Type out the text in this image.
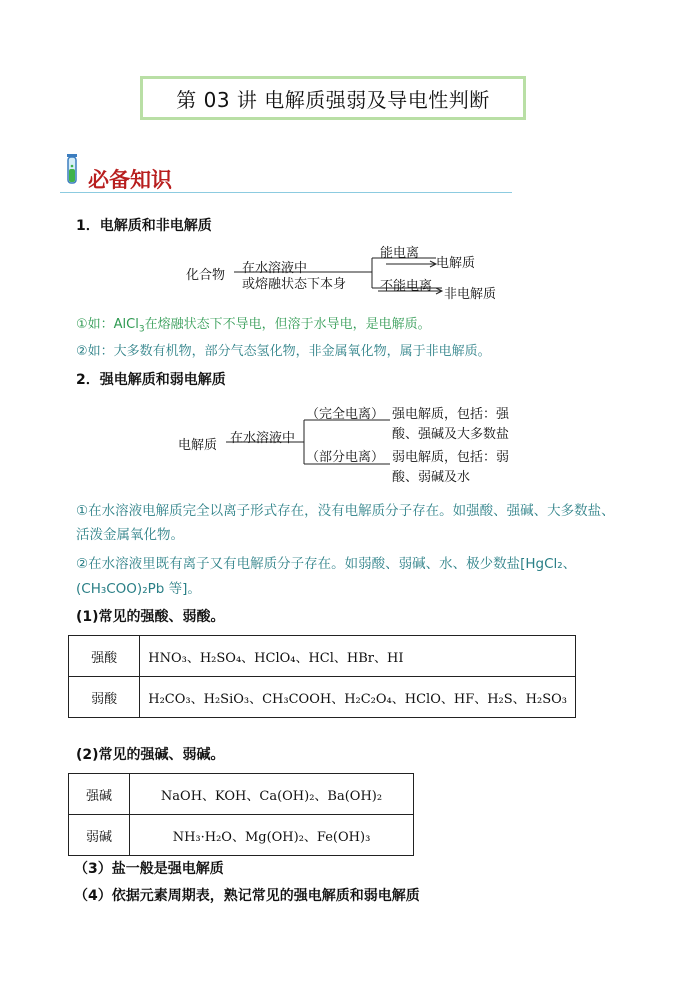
第 03 讲 电解质强弱及导电性判断
必备知识
1．电解质和非电解质
化合物 在水溶液中
或熔融状态下本身
能电离
电解质
不能电离
非电解质
①如：AlCl$_3$在熔融状态下不导电，但溶于水导电，是电解质。
②如：大多数有机物，部分气态氢化物，非金属氧化物，属于非电解质。
2．强电解质和弱电解质
电解质 在水溶液中
（完全电离）
（部分电离）
强电解质，包括：强
酸、强碱及大多数盐
弱电解质，包括：弱
酸、弱碱及水
①在水溶液电解质完全以离子形式存在，没有电解质分子存在。如强酸、强碱、大多数盐、
活泼金属氧化物。
②在水溶液里既有离子又有电解质分子存在。如弱酸、弱碱、水、极少数盐[HgCl₂、
(CH₃COO)₂Pb 等]。
(1)常见的强酸、弱酸。
强酸	HNO₃、H₂SO₄、HClO₄、HCl、HBr、HI
弱酸	H₂CO₃、H₂SiO₃、CH₃COOH、H₂C₂O₄、HClO、HF、H₂S、H₂SO₃
(2)常见的强碱、弱碱。
强碱	NaOH、KOH、Ca(OH)₂、Ba(OH)₂
弱碱	NH₃·H₂O、Mg(OH)₂、Fe(OH)₃
（3）盐一般是强电解质
（4）依据元素周期表，熟记常见的强电解质和弱电解质
